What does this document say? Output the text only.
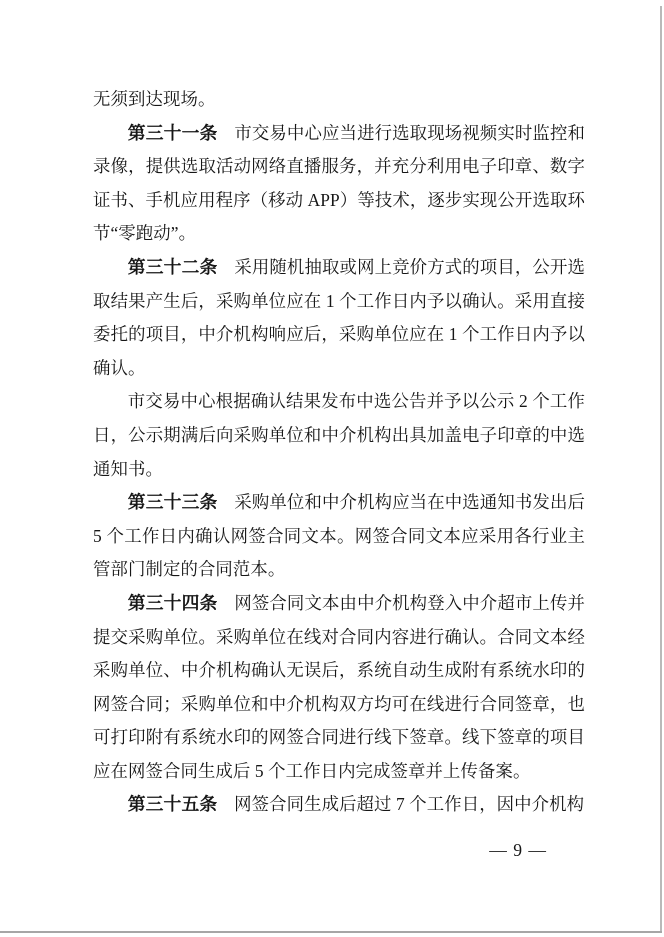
无须到达现场。

第三十一条 市交易中心应当进行选取现场视频实时监控和录像，提供选取活动网络直播服务，并充分利用电子印章、数字证书、手机应用程序（移动 APP）等技术，逐步实现公开选取环节“零跑动”。

第三十二条 采用随机抽取或网上竞价方式的项目，公开选取结果产生后，采购单位应在 1 个工作日内予以确认。采用直接委托的项目，中介机构响应后，采购单位应在 1 个工作日内予以确认。

市交易中心根据确认结果发布中选公告并予以公示 2 个工作日，公示期满后向采购单位和中介机构出具加盖电子印章的中选通知书。

第三十三条 采购单位和中介机构应当在中选通知书发出后 5 个工作日内确认网签合同文本。网签合同文本应采用各行业主管部门制定的合同范本。

第三十四条 网签合同文本由中介机构登入中介超市上传并提交采购单位。采购单位在线对合同内容进行确认。合同文本经采购单位、中介机构确认无误后，系统自动生成附有系统水印的网签合同；采购单位和中介机构双方均可在线进行合同签章，也可打印附有系统水印的网签合同进行线下签章。线下签章的项目应在网签合同生成后 5 个工作日内完成签章并上传备案。

第三十五条 网签合同生成后超过 7 个工作日，因中介机构

— 9 —
